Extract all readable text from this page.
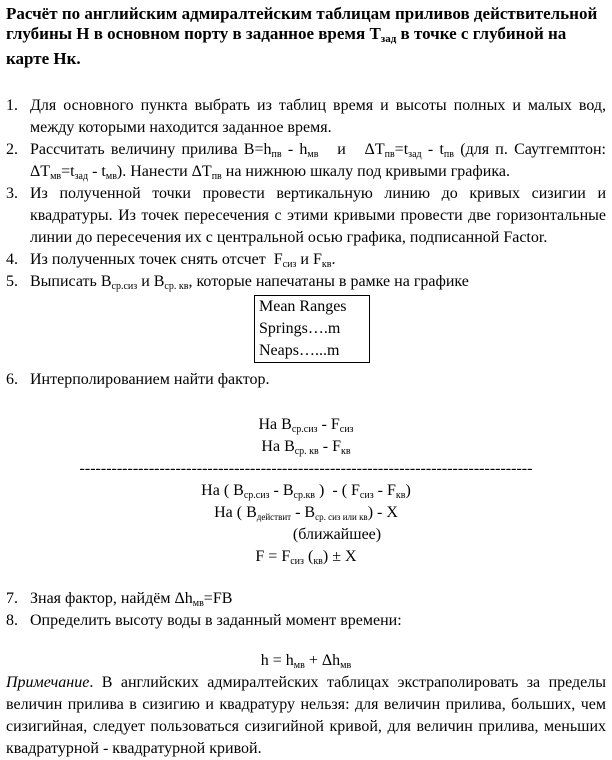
Расчёт по английским адмиралтейским таблицам приливов действительной глубины H в основном порту в заданное время $T_{зад}$ в точке с глубиной на карте Hк.
1. Для основного пункта выбрать из таблиц время и высоты полных и малых вод, между которыми находится заданное время.
2. Рассчитать величину прилива $B=h_{пв} - h_{мв}$   и   $\Delta T_{пв}=t_{зад} - t_{пв}$ (для п. Саутгемптон: $\Delta T_{мв}=t_{зад} - t_{мв}$). Нанести $\Delta T_{пв}$ на нижнюю шкалу под кривыми графика.
3. Из полученной точки провести вертикальную линию до кривых сизигии и квадратуры. Из точек пересечения с этими кривыми провести две горизонтальные линии до пересечения их с центральной осью графика, подписанной Factor.
4. Из полученных точек снять отсчет  $F_{сиз}$ и $F_{кв}$.
5. Выписать $B_{ср.сиз}$ и $B_{ср. кв}$, которые напечатаны в рамке на графике
Mean Ranges
Springs….m
Neaps…...m
6. Интерполированием найти фактор.
На $B_{ср.сиз} - F_{сиз}$
На $B_{ср. кв} - F_{кв}$
-------------------------------------------------------------------------------------
На ( $B_{ср.сиз} - B_{ср.кв}$ )  - ( $F_{сиз} - F_{кв}$)
На ( Bдействит - Bср. сиз или кв) - X
(ближайшее)
$F = F_{сиз}$ $(_{кв}) \pm X$
7. Зная фактор, найдём $\Delta h_{мв}=FB$
8. Определить высоту воды в заданный момент времени:
$h = h_{мв} + \Delta h_{мв}$
Примечание. В английских адмиралтейских таблицах экстраполировать за пределы величин прилива в сизигию и квадратуру нельзя: для величин прилива, больших, чем сизигийная, следует пользоваться сизигийной кривой, для величин прилива, меньших квадратурной - квадратурной кривой.
